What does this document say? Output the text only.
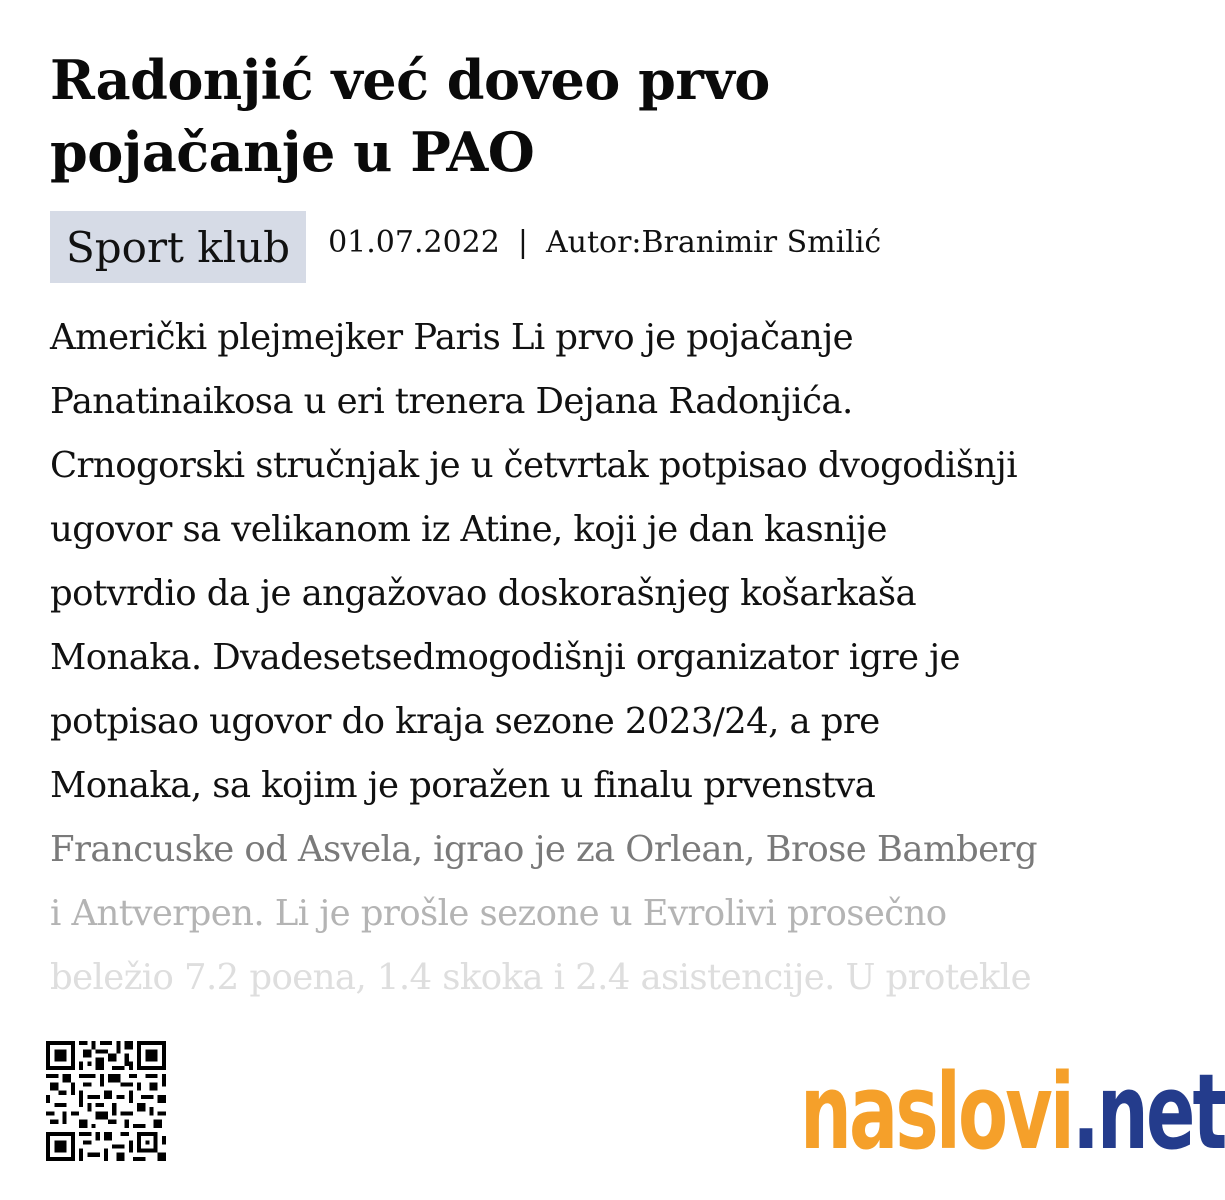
Radonjić već doveo prvo
pojačanje u PAO
Sport klub	01.07.2022 | Autor:Branimir Smilić
Američki plejmejker Paris Li prvo je pojačanje
Panatinaikosa u eri trenera Dejana Radonjića.
Crnogorski stručnjak je u četvrtak potpisao dvogodišnji
ugovor sa velikanom iz Atine, koji je dan kasnije
potvrdio da je angažovao doskorašnjeg košarkaša
Monaka. Dvadesetsedmogodišnji organizator igre je
potpisao ugovor do kraja sezone 2023/24, a pre
Monaka, sa kojim je poražen u finalu prvenstva
Francuske od Asvela, igrao je za Orlean, Brose Bamberg
i Antverpen. Li je prošle sezone u Evrolivi prosečno
beležio 7.2 poena, 1.4 skoka i 2.4 asistencije. U protekle
naslovi.net
